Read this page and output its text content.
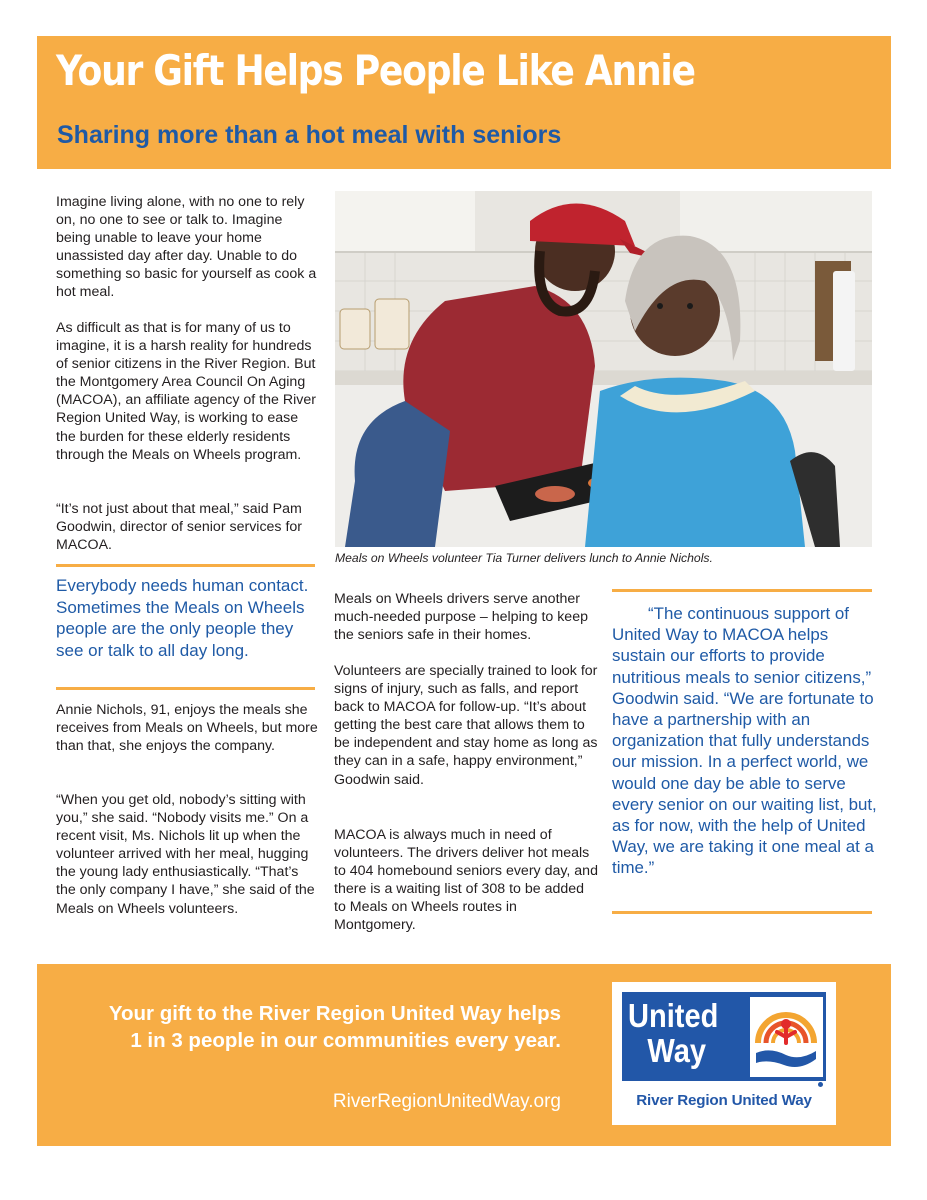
Your Gift Helps People Like Annie
Sharing more than a hot meal with seniors

Imagine living alone, with no one to rely on, no one to see or talk to. Imagine being unable to leave your home unassisted day after day. Unable to do something so basic for yourself as cook a hot meal.

As difficult as that is for many of us to imagine, it is a harsh reality for hundreds of senior citizens in the River Region. But the Montgomery Area Council On Aging (MACOA), an affiliate agency of the River Region United Way, is working to ease the burden for these elderly residents through the Meals on Wheels program.

“It’s not just about that meal,” said Pam Goodwin, director of senior services for MACOA.

Everybody needs human contact. Sometimes the Meals on Wheels people are the only people they see or talk to all day long.

Annie Nichols, 91, enjoys the meals she receives from Meals on Wheels, but more than that, she enjoys the company.

“When you get old, nobody’s sitting with you,” she said. “Nobody visits me.” On a recent visit, Ms. Nichols lit up when the volunteer arrived with her meal, hugging the young lady enthusiastically. “That’s the only company I have,” she said of the Meals on Wheels volunteers.

Meals on Wheels volunteer Tia Turner delivers lunch to Annie Nichols.

Meals on Wheels drivers serve another much-needed purpose – helping to keep the seniors safe in their homes.

Volunteers are specially trained to look for signs of injury, such as falls, and report back to MACOA for follow-up. “It’s about getting the best care that allows them to be independent and stay home as long as they can in a safe, happy environment,” Goodwin said.

MACOA is always much in need of volunteers. The drivers deliver hot meals to 404 homebound seniors every day, and there is a waiting list of 308 to be added to Meals on Wheels routes in Montgomery.

“The continuous support of United Way to MACOA helps sustain our efforts to provide nutritious meals to senior citizens,” Goodwin said. “We are fortunate to have a partnership with an organization that fully understands our mission. In a perfect world, we would one day be able to serve every senior on our waiting list, but, as for now, with the help of United Way, we are taking it one meal at a time.”

Your gift to the River Region United Way helps
1 in 3 people in our communities every year.

RiverRegionUnitedWay.org

United
Way

River Region United Way
